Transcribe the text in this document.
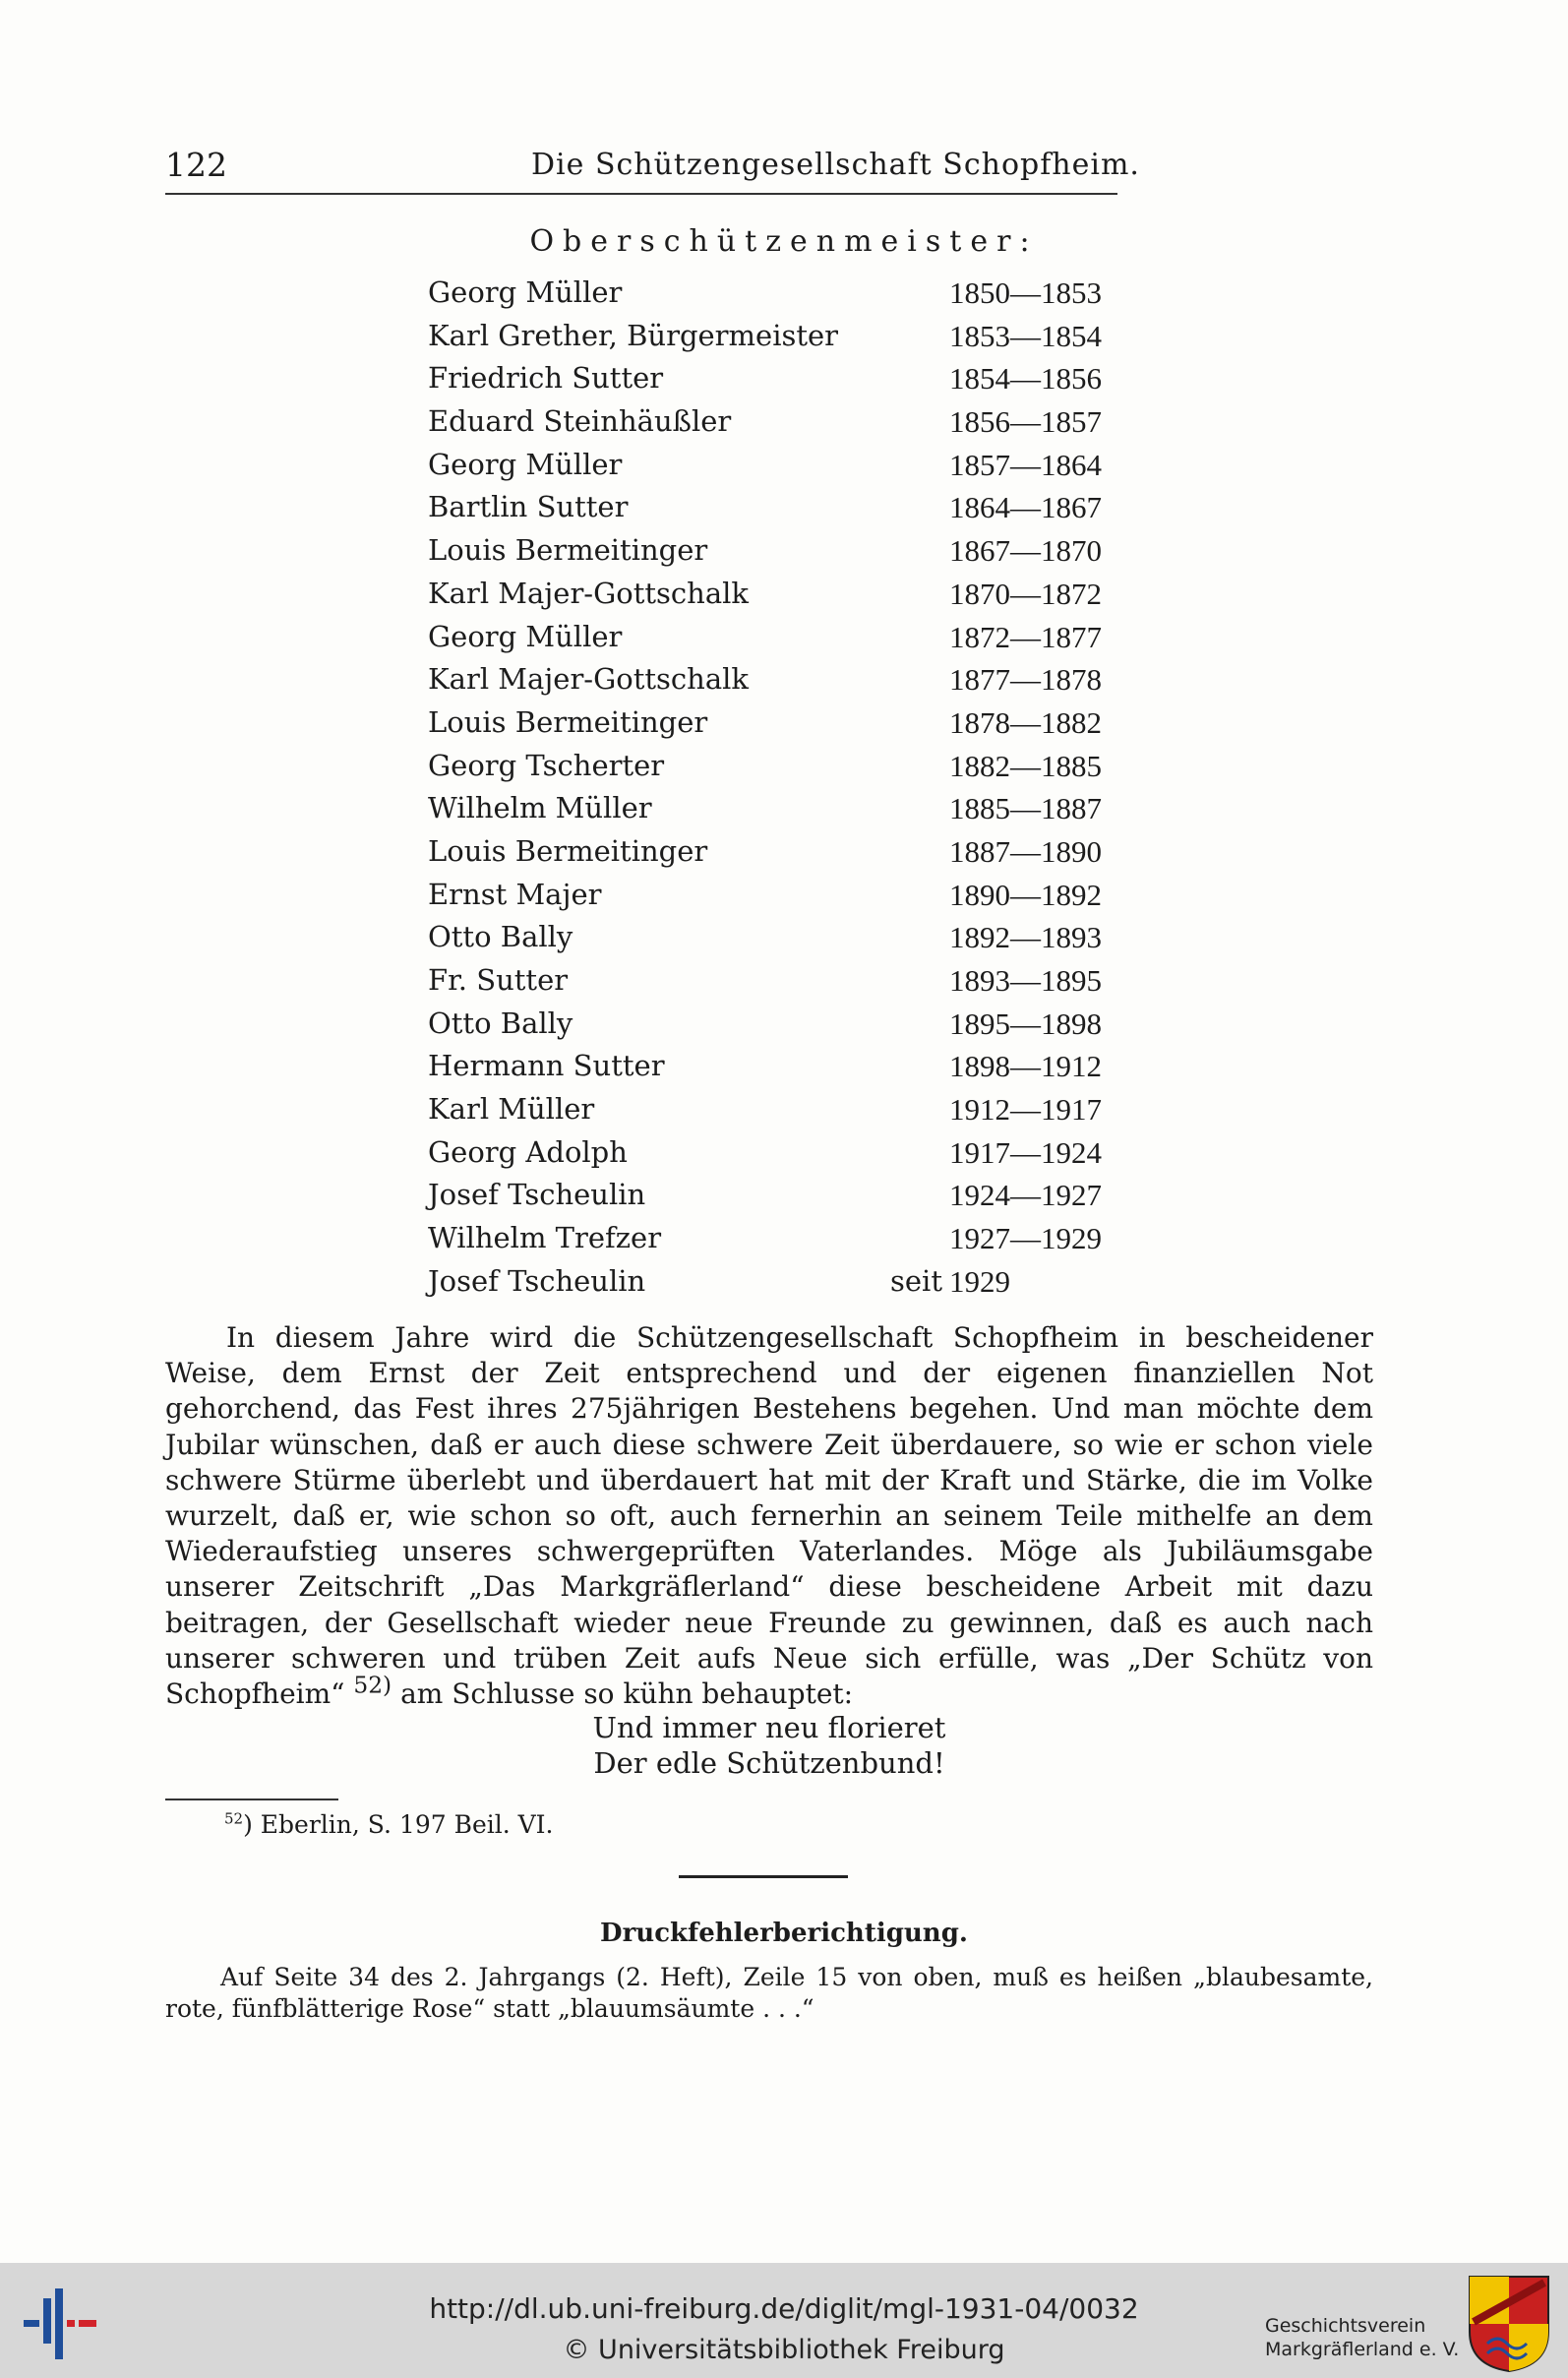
122	Die Schützengesellschaft Schopfheim.
Oberschützenmeister:
Georg Müller	1850—1853
Karl Grether, Bürgermeister	1853—1854
Friedrich Sutter	1854—1856
Eduard Steinhäußler	1856—1857
Georg Müller	1857—1864
Bartlin Sutter	1864—1867
Louis Bermeitinger	1867—1870
Karl Majer-Gottschalk	1870—1872
Georg Müller	1872—1877
Karl Majer-Gottschalk	1877—1878
Louis Bermeitinger	1878—1882
Georg Tscherter	1882—1885
Wilhelm Müller	1885—1887
Louis Bermeitinger	1887—1890
Ernst Majer	1890—1892
Otto Bally	1892—1893
Fr. Sutter	1893—1895
Otto Bally	1895—1898
Hermann Sutter	1898—1912
Karl Müller	1912—1917
Georg Adolph	1917—1924
Josef Tscheulin	1924—1927
Wilhelm Trefzer	1927—1929
Josef Tscheulin	seit 1929

In diesem Jahre wird die Schützengesellschaft Schopfheim in bescheidener Weise, dem Ernst der Zeit entsprechend und der eigenen finanziellen Not gehorchend, das Fest ihres 275jährigen Bestehens begehen. Und man möchte dem Jubilar wünschen, daß er auch diese schwere Zeit überdauere, so wie er schon viele schwere Stürme überlebt und überdauert hat mit der Kraft und Stärke, die im Volke wurzelt, daß er, wie schon so oft, auch fernerhin an seinem Teile mithelfe an dem Wiederaufstieg unseres schwergeprüften Vaterlandes. Möge als Jubiläumsgabe unserer Zeitschrift „Das Markgräflerland“ diese bescheidene Arbeit mit dazu beitragen, der Gesellschaft wieder neue Freunde zu gewinnen, daß es auch nach unserer schweren und trüben Zeit aufs Neue sich erfülle, was „Der Schütz von Schopfheim“ $^{52)}$ am Schlusse so kühn behauptet:

Und immer neu florieret
Der edle Schützenbund!
$^{52}$) Eberlin, S. 197 Beil. VI.
Druckfehlerberichtigung.

Auf Seite 34 des 2. Jahrgangs (2. Heft), Zeile 15 von oben, muß es heißen „blaubesamte, rote, fünfblätterige Rose“ statt „blauumsäumte . . .“

http://dl.ub.uni-freiburg.de/diglit/mgl-1931-04/0032
© Universitätsbibliothek Freiburg
Geschichtsverein
Markgräflerland e. V.
